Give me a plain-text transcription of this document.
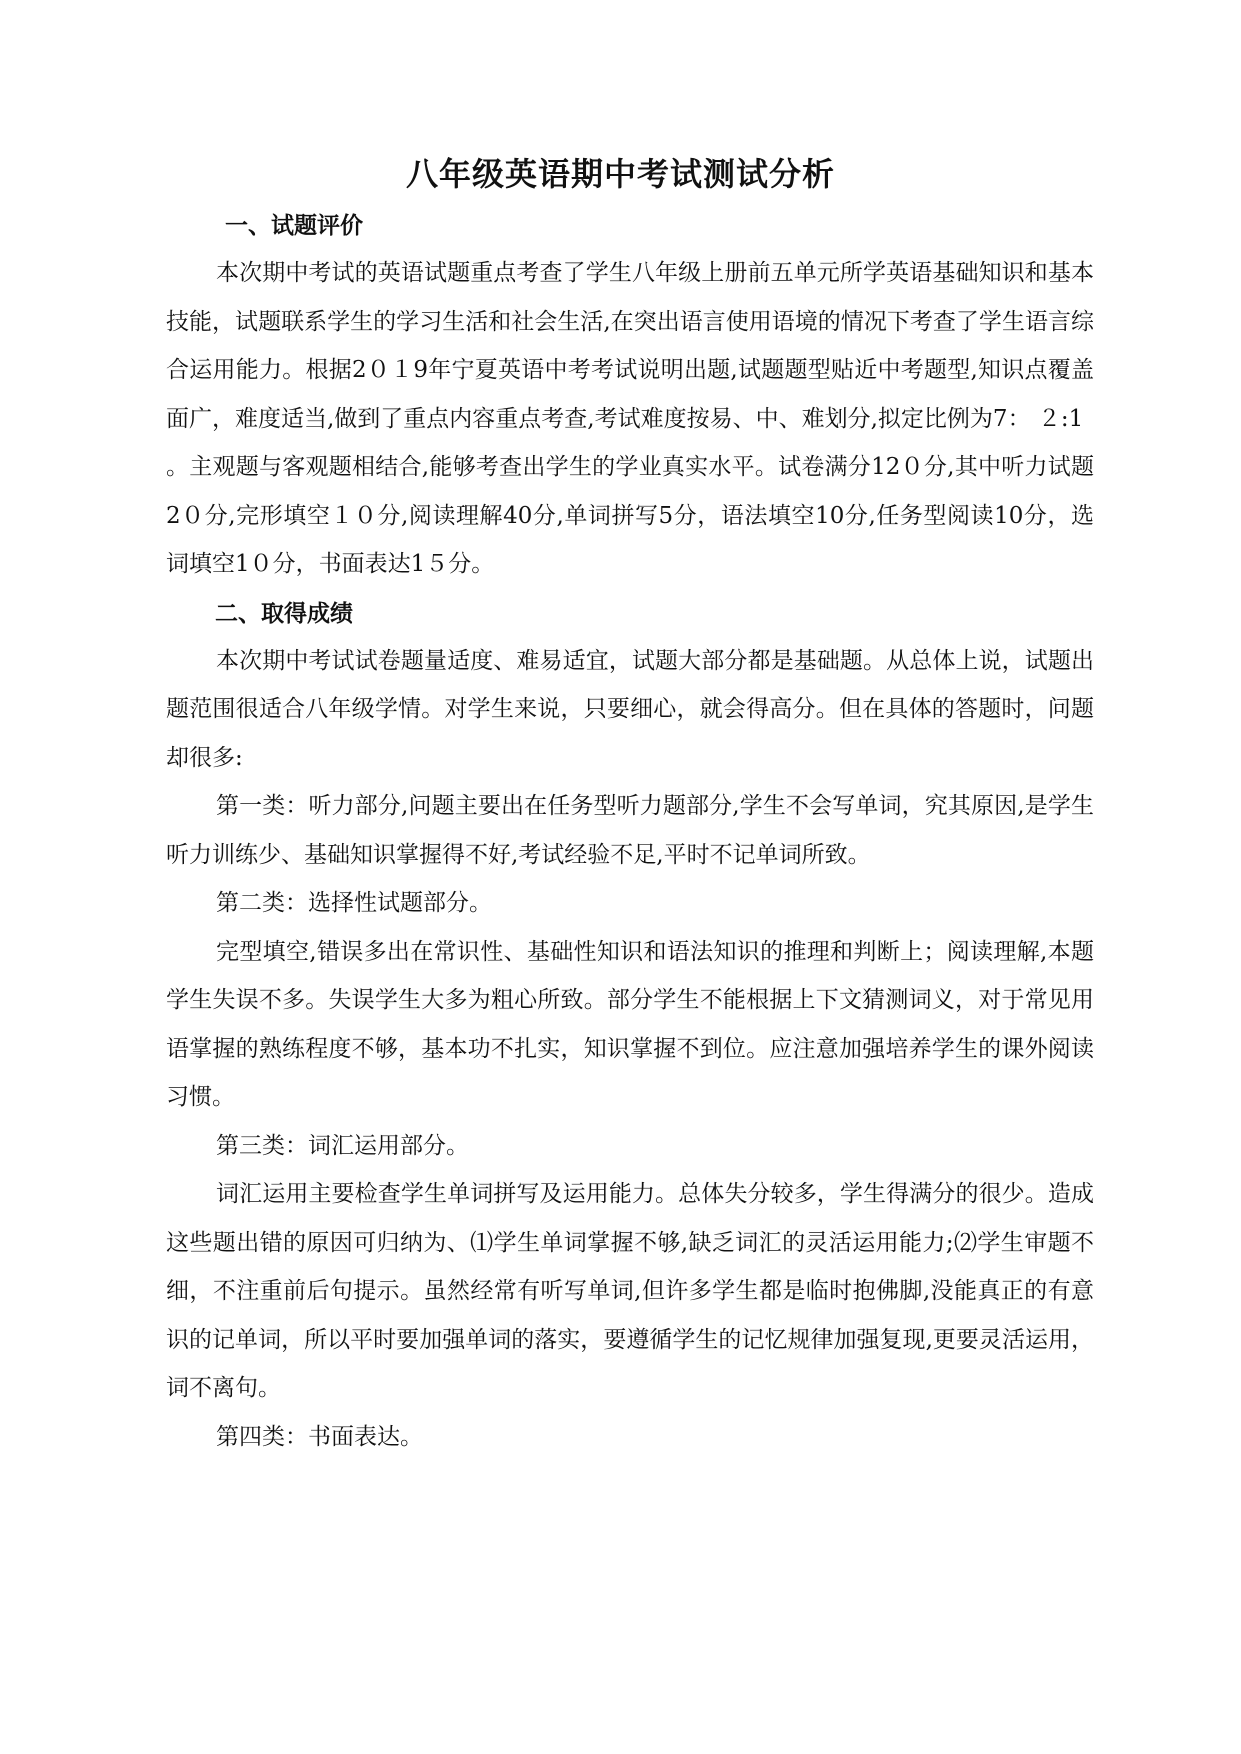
八年级英语期中考试测试分析
一、试题评价

本次期中考试的英语试题重点考查了学生八年级上册前五单元所学英语基础知识和基本技能，试题联系学生的学习生活和社会生活,在突出语言使用语境的情况下考查了学生语言综合运用能力。根据2０１9年宁夏英语中考考试说明出题,试题题型贴近中考题型,知识点覆盖面广，难度适当,做到了重点内容重点考查,考试难度按易、中、难划分,拟定比例为7： ２:1

。主观题与客观题相结合,能够考查出学生的学业真实水平。试卷满分12０分,其中听力试题2０分,完形填空１０分,阅读理解40分,单词拼写5分，语法填空10分,任务型阅读10分，选词填空1０分，书面表达1５分。

二、取得成绩

本次期中考试试卷题量适度、难易适宜，试题大部分都是基础题。从总体上说，试题出题范围很适合八年级学情。对学生来说，只要细心，就会得高分。但在具体的答题时，问题却很多:

第一类：听力部分,问题主要出在任务型听力题部分,学生不会写单词，究其原因,是学生听力训练少、基础知识掌握得不好,考试经验不足,平时不记单词所致。

第二类：选择性试题部分。

完型填空,错误多出在常识性、基础性知识和语法知识的推理和判断上；阅读理解,本题学生失误不多。失误学生大多为粗心所致。部分学生不能根据上下文猜测词义，对于常见用语掌握的熟练程度不够，基本功不扎实，知识掌握不到位。应注意加强培养学生的课外阅读习惯。

第三类：词汇运用部分。

词汇运用主要检查学生单词拼写及运用能力。总体失分较多，学生得满分的很少。造成这些题出错的原因可归纳为、⑴学生单词掌握不够,缺乏词汇的灵活运用能力;⑵学生审题不细，不注重前后句提示。虽然经常有听写单词,但许多学生都是临时抱佛脚,没能真正的有意识的记单词，所以平时要加强单词的落实，要遵循学生的记忆规律加强复现,更要灵活运用，词不离句。

第四类：书面表达。
